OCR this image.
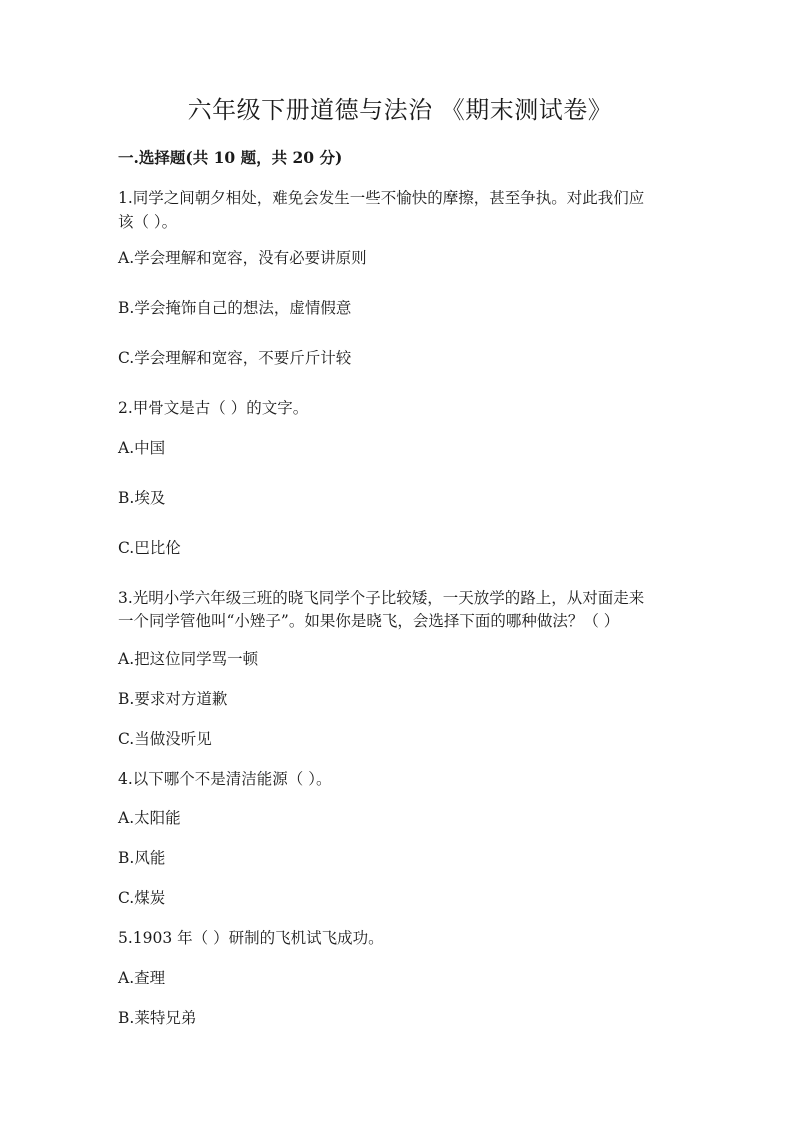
六年级下册道德与法治 《期末测试卷》
一.选择题(共 10 题，共 20 分)
1.同学之间朝夕相处，难免会发生一些不愉快的摩擦，甚至争执。对此我们应
该（ ）。
A.学会理解和宽容，没有必要讲原则
B.学会掩饰自己的想法，虚情假意
C.学会理解和宽容，不要斤斤计较
2.甲骨文是古（ ）的文字。
A.中国
B.埃及
C.巴比伦
3.光明小学六年级三班的晓飞同学个子比较矮，一天放学的路上，从对面走来
一个同学管他叫“小矬子”。如果你是晓飞，会选择下面的哪种做法？（ ）
A.把这位同学骂一顿
B.要求对方道歉
C.当做没听见
4.以下哪个不是清洁能源（ ）。
A.太阳能
B.风能
C.煤炭
5.1903 年（ ）研制的飞机试飞成功。
A.查理
B.莱特兄弟
